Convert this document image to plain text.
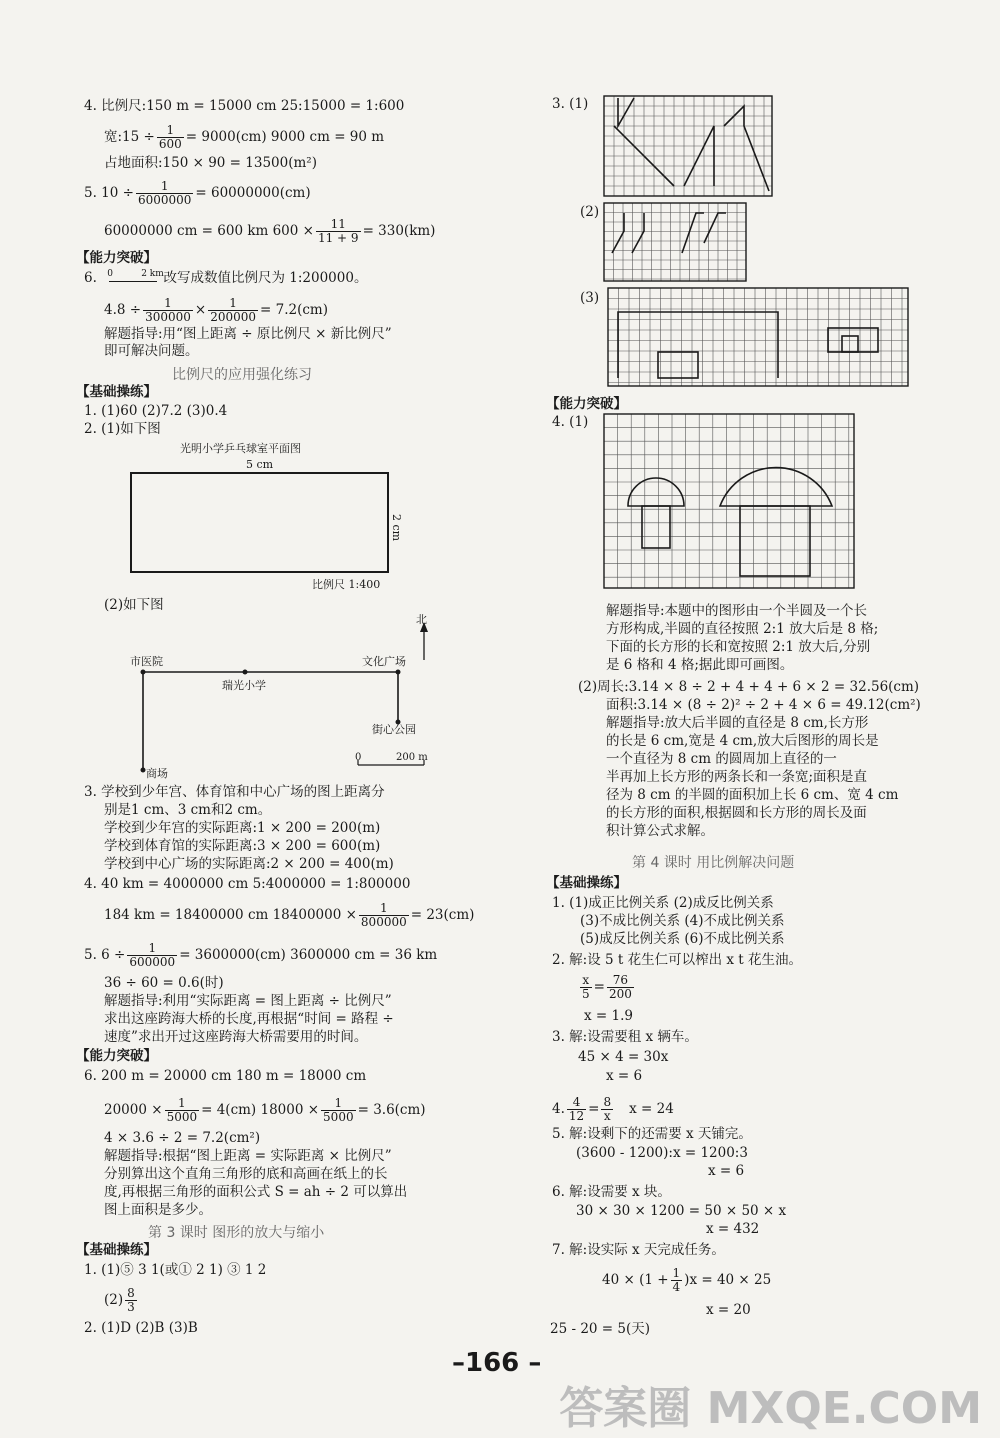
4. 比例尺:150 m = 15000 cm 25:15000 = 1:600
宽:15 ÷ $\frac{1}{600} = 9000(cm)$ 9000 cm = 90 m
占地面积:150 × 90 = 13500(m²)
5. $10 \div \frac{1}{6000000} = 60000000(cm)$
60000000 cm = 600 km $600 \times \frac{11}{11 + 9} = 330(km)$
【能力突破】
6. 0	2 km 改写成数值比例尺为 1:200000。
$4.8 \div \frac{1}{300000} \times \frac{1}{200000} = 7.2(cm)$
解题指导:用“图上距离 ÷ 原比例尺 × 新比例尺”
即可解决问题。
比例尺的应用强化练习
【基础操练】
1. (1)60 (2)7.2 (3)0.4
2. (1)如下图
光明小学乒乓球室平面图
5 cm
2 cm
比例尺 1:400
(2)如下图
北
市医院
瑞光小学
文化广场
街心公园
商场
0	200 m
3. 学校到少年宫、体育馆和中心广场的图上距离分
别是1 cm、3 cm和2 cm。
学校到少年宫的实际距离:1 × 200 = 200(m)
学校到体育馆的实际距离:3 × 200 = 600(m)
学校到中心广场的实际距离:2 × 200 = 400(m)
4. 40 km = 4000000 cm 5:4000000 = 1:800000
184 km = 18400000 cm $18400000 \times \frac{1}{800000} = 23(cm)$
5. $6 \div \frac{1}{600000} = 3600000(cm)$ 3600000 cm = 36 km
36 ÷ 60 = 0.6(时)
解题指导:利用“实际距离 = 图上距离 ÷ 比例尺”
求出这座跨海大桥的长度,再根据“时间 = 路程 ÷
速度”求出开过这座跨海大桥需要用的时间。
【能力突破】
6. 200 m = 20000 cm 180 m = 18000 cm
$20000 \times \frac{1}{5000} = 4(cm) 18000 \times \frac{1}{5000} = 3.6(cm)$
4 × 3.6 ÷ 2 = 7.2(cm²)
解题指导:根据“图上距离 = 实际距离 × 比例尺”
分别算出这个直角三角形的底和高画在纸上的长
度,再根据三角形的面积公式 S = ah ÷ 2 可以算出
图上面积是多少。
第 3 课时 图形的放大与缩小
【基础操练】
1. (1)⑤ 3 1(或① 2 1) ③ 1 2
$(2) \frac{8}{3}$
2. (1)D (2)B (3)B
3. (1)
(2)
(3)
【能力突破】
4. (1)
解题指导:本题中的图形由一个半圆及一个长
方形构成,半圆的直径按照 2:1 放大后是 8 格;
下面的长方形的长和宽按照 2:1 放大后,分别
是 6 格和 4 格;据此即可画图。
(2)周长:3.14 × 8 ÷ 2 + 4 + 4 + 6 × 2 = 32.56(cm)
面积:3.14 × (8 ÷ 2)² ÷ 2 + 4 × 6 = 49.12(cm²)
解题指导:放大后半圆的直径是 8 cm,长方形
的长是 6 cm,宽是 4 cm,放大后图形的周长是
一个直径为 8 cm 的圆周加上直径的一
半再加上长方形的两条长和一条宽;面积是直
径为 8 cm 的半圆的面积加上长 6 cm、宽 4 cm
的长方形的面积,根据圆和长方形的周长及面
积计算公式求解。
第 4 课时 用比例解决问题
【基础操练】
1. (1)成正比例关系 (2)成反比例关系
(3)不成比例关系 (4)不成比例关系
(5)成反比例关系 (6)不成比例关系
2. 解:设 5 t 花生仁可以榨出 x t 花生油。
$\frac{x}{5} = \frac{76}{200}$
x = 1.9
3. 解:设需要租 x 辆车。
45 × 4 = 30x
x = 6
4. $\frac{4}{12} = \frac{8}{x}$ x = 24
5. 解:设剩下的还需要 x 天铺完。
(3600 - 1200):x = 1200:3
x = 6
6. 解:设需要 x 块。
30 × 30 × 1200 = 50 × 50 × x
x = 432
7. 解:设实际 x 天完成任务。
$40 \times (1 + \frac{1}{4} )x = 40 \times 25$
x = 20
25 - 20 = 5(天)
–166 –
答案圈 MXQE.COM
